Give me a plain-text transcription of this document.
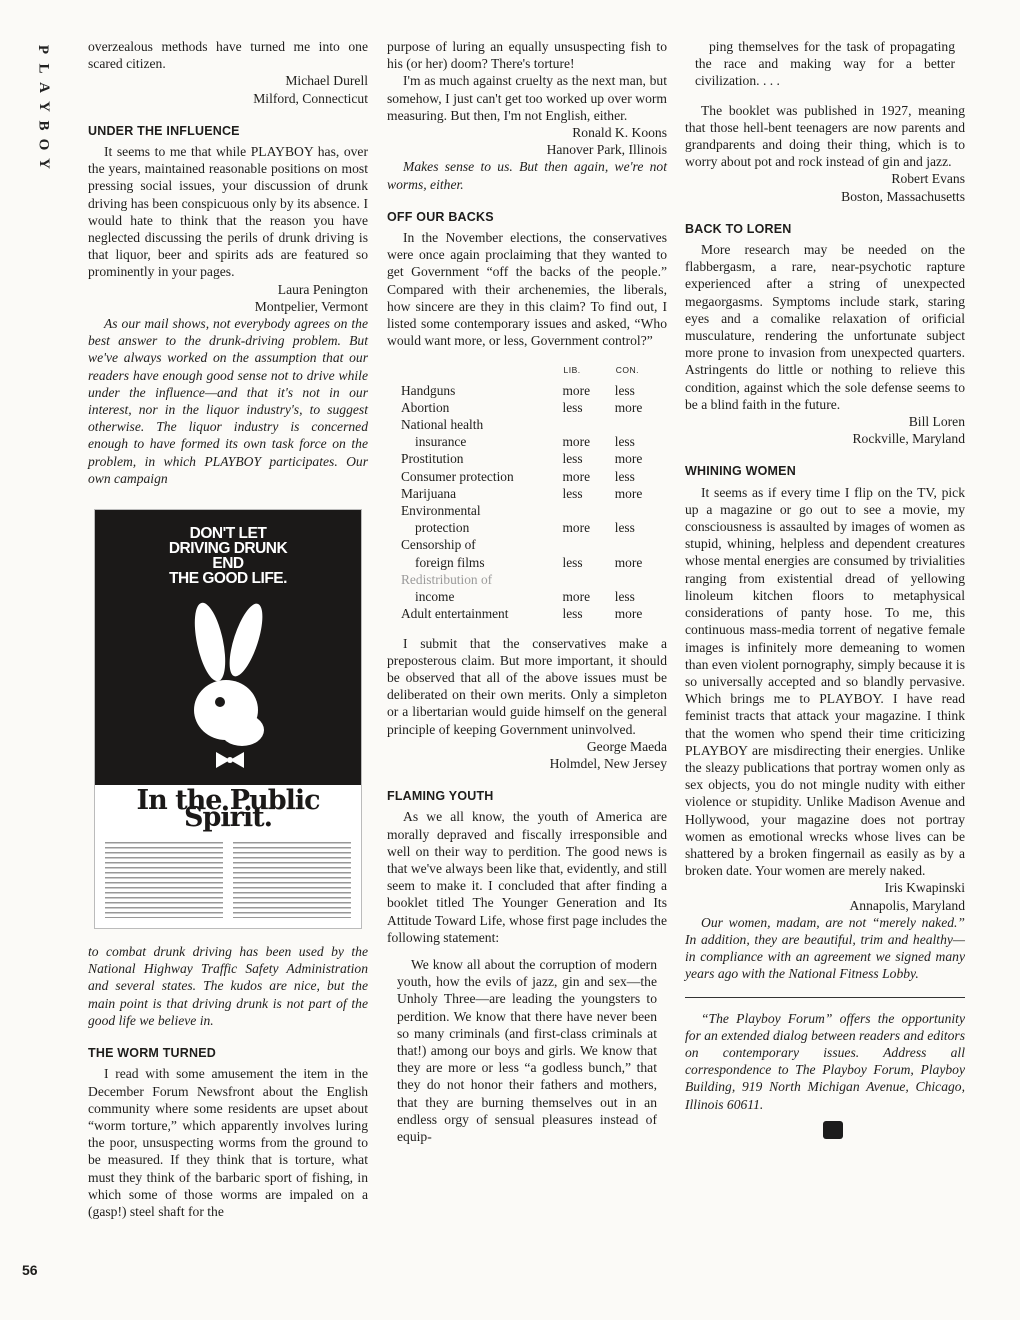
P
L
A
Y
B
O
Y
56

overzealous methods have turned me into one scared citizen.

Michael Durell

Milford, Connecticut

UNDER THE INFLUENCE

It seems to me that while PLAYBOY has, over the years, maintained reasonable positions on most pressing social issues, your discussion of drunk driving has been conspicuous only by its absence. I would hate to think that the reason you have neglected discussing the perils of drunk driving is that liquor, beer and spirits ads are featured so prominently in your pages.

Laura Penington

Montpelier, Vermont

As our mail shows, not everybody agrees on the best answer to the drunk-driving problem. But we've always worked on the assumption that our readers have enough good sense not to drive while under the influence—and that it's not in our interest, nor in the liquor industry's, to suggest otherwise. The liquor industry is concerned enough to have formed its own task force on the problem, in which PLAYBOY participates. Our own campaign

DON'T LET
DRIVING DRUNK
END
THE GOOD LIFE.
In the Public Spirit.

to combat drunk driving has been used by the National Highway Traffic Safety Administration and several states. The kudos are nice, but the main point is that driving drunk is not part of the good life we believe in.

THE WORM TURNED

I read with some amusement the item in the December Forum Newsfront about the English community where some residents are upset about “worm torture,” which apparently involves luring the poor, unsuspecting worms from the ground to be measured. If they think that is torture, what must they think of the barbaric sport of fishing, in which some of those worms are impaled on a (gasp!) steel shaft for the

purpose of luring an equally unsuspecting fish to his (or her) doom? There's torture!

I'm as much against cruelty as the next man, but somehow, I just can't get too worked up over worm measuring. But then, I'm not English, either.

Ronald K. Koons

Hanover Park, Illinois

Makes sense to us. But then again, we're not worms, either.

OFF OUR BACKS

In the November elections, the conservatives were once again proclaiming that they wanted to get Government “off the backs of the people.” Compared with their archenemies, the liberals, how sincere are they in this claim? To find out, I listed some contemporary issues and asked, “Who would want more, or less, Government control?”

	LIB.	CON.
Handguns	more	less
Abortion	less	more
National health		
insurance	more	less
Prostitution	less	more
Consumer protection	more	less
Marijuana	less	more
Environmental		
protection	more	less
Censorship of		
foreign films	less	more
Redistribution of		
income	more	less
Adult entertainment	less	more

I submit that the conservatives make a preposterous claim. But more important, it should be observed that all of the above issues must be deliberated on their own merits. Only a simpleton or a libertarian would guide himself on the general principle of keeping Government uninvolved.

George Maeda

Holmdel, New Jersey

FLAMING YOUTH

As we all know, the youth of America are morally depraved and fiscally irresponsible and well on their way to perdition. The good news is that we've always been like that, evidently, and still seem to make it. I concluded that after finding a booklet titled The Younger Generation and Its Attitude Toward Life, whose first page includes the following statement:

We know all about the corruption of modern youth, how the evils of jazz, gin and sex—the Unholy Three—are leading the youngsters to perdition. We know that there have never been so many criminals (and first-class criminals at that!) among our boys and girls. We know that they are more or less “a godless bunch,” that they do not honor their fathers and mothers, that they are burning themselves out in an endless orgy of sensual pleasures instead of equip-

ping themselves for the task of propagating the race and making way for a better civilization. . . .

The booklet was published in 1927, meaning that those hell-bent teenagers are now parents and grandparents and doing their thing, which is to worry about pot and rock instead of gin and jazz.

Robert Evans

Boston, Massachusetts

BACK TO LOREN

More research may be needed on the flabbergasm, a rare, near-psychotic rapture experienced after a string of unexpected megaorgasms. Symptoms include stark, staring eyes and a comalike relaxation of orificial musculature, rendering the unfortunate subject more prone to invasion from unexpected quarters. Astringents do little or nothing to relieve this condition, against which the sole defense seems to be a blind faith in the future.

Bill Loren

Rockville, Maryland

WHINING WOMEN

It seems as if every time I flip on the TV, pick up a magazine or go out to see a movie, my consciousness is assaulted by images of women as stupid, whining, helpless and dependent creatures whose mental energies are consumed by trivialities ranging from existential dread of yellowing linoleum kitchen floors to metaphysical considerations of panty hose. To me, this continuous mass-media torrent of negative female images is infinitely more demeaning to women than even violent pornography, simply because it is so universally accepted and so blandly pervasive. Which brings me to PLAYBOY. I have read feminist tracts that attack your magazine. I think that the women who spend their time criticizing PLAYBOY are misdirecting their energies. Unlike the sleazy publications that portray women only as sex objects, you do not mingle nudity with either violence or stupidity. Unlike Madison Avenue and Hollywood, your magazine does not portray women as emotional wrecks whose lives can be shattered by a broken fingernail as easily as by a broken date. Your women are merely naked.

Iris Kwapinski

Annapolis, Maryland

Our women, madam, are not “merely naked.” In addition, they are beautiful, trim and healthy—in compliance with an agreement we signed many years ago with the National Fitness Lobby.

“The Playboy Forum” offers the opportunity for an extended dialog between readers and editors on contemporary issues. Address all correspondence to The Playboy Forum, Playboy Building, 919 North Michigan Avenue, Chicago, Illinois 60611.
